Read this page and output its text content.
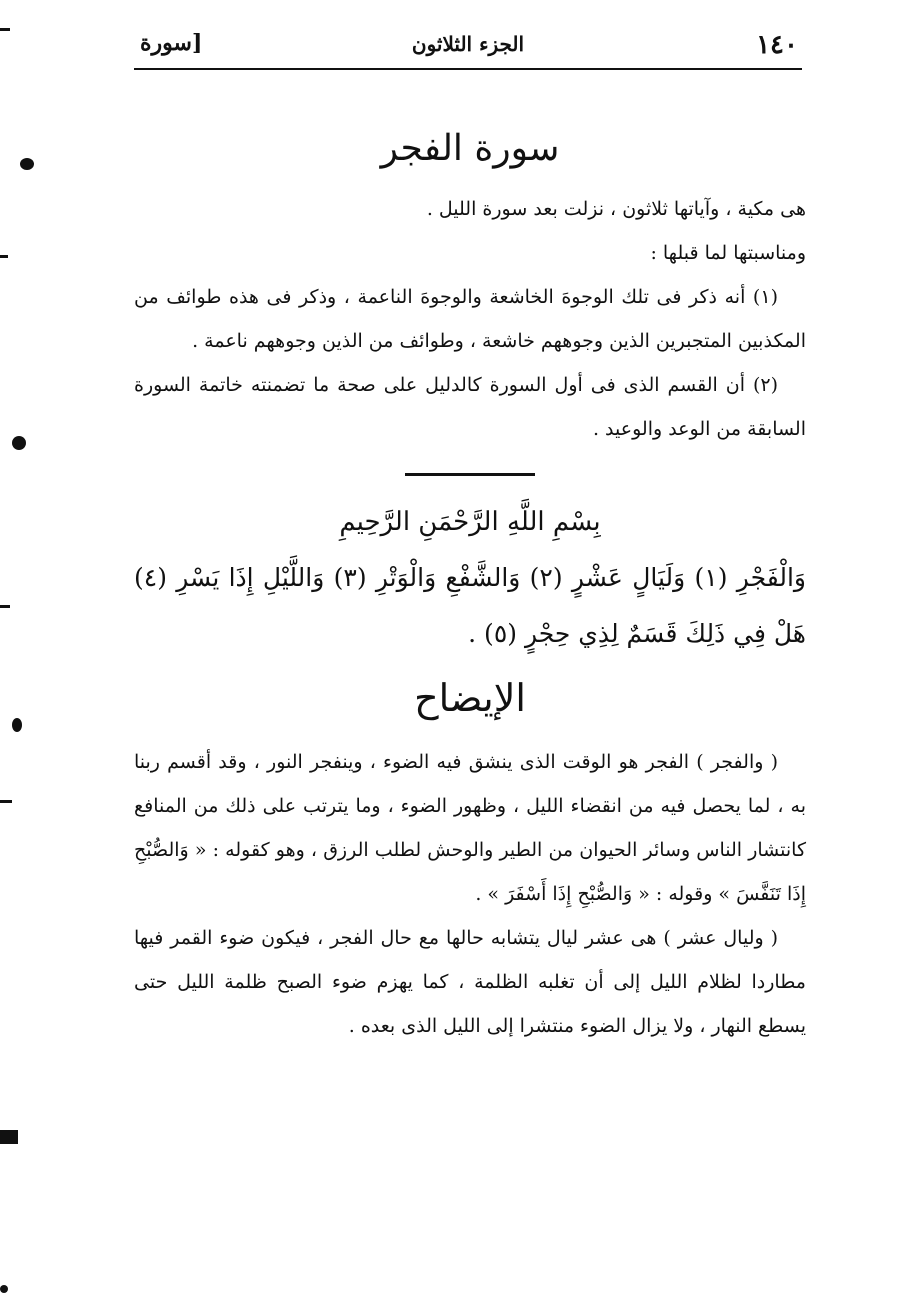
١٤٠
الجزء الثلاثون
[سورة
سورة الفجر

هى مكية ، وآياتها ثلاثون ، نزلت بعد سورة الليل .

ومناسبتها لما قبلها :

(١) أنه ذكر فى تلك الوجوهَ الخاشعة والوجوهَ الناعمة ، وذكر فى هذه طوائف من المكذبين المتجبرين الذين وجوههم خاشعة ، وطوائف من الذين وجوههم ناعمة .

(٢) أن القسم الذى فى أول السورة كالدليل على صحة ما تضمنته خاتمة السورة السابقة من الوعد والوعيد .

بِسْمِ اللَّهِ الرَّحْمَنِ الرَّحِيمِ

وَالْفَجْرِ (١) وَلَيَالٍ عَشْرٍ (٢) وَالشَّفْعِ وَالْوَتْرِ (٣) وَاللَّيْلِ إِذَا يَسْرِ (٤) هَلْ فِي ذَلِكَ قَسَمٌ لِذِي حِجْرٍ (٥) .

الإيضاح

( والفجر ) الفجر هو الوقت الذى ينشق فيه الضوء ، وينفجر النور ، وقد أقسم ربنا به ، لما يحصل فيه من انقضاء الليل ، وظهور الضوء ، وما يترتب على ذلك من المنافع كانتشار الناس وسائر الحيوان من الطير والوحش لطلب الرزق ، وهو كقوله : « وَالصُّبْحِ إِذَا تَنَفَّسَ » وقوله : « وَالصُّبْحِ إِذَا أَسْفَرَ » .

( وليال عشر ) هى عشر ليال يتشابه حالها مع حال الفجر ، فيكون ضوء القمر فيها مطاردا لظلام الليل إلى أن تغلبه الظلمة ، كما يهزم ضوء الصبح ظلمة الليل حتى يسطع النهار ، ولا يزال الضوء منتشرا إلى الليل الذى بعده .
